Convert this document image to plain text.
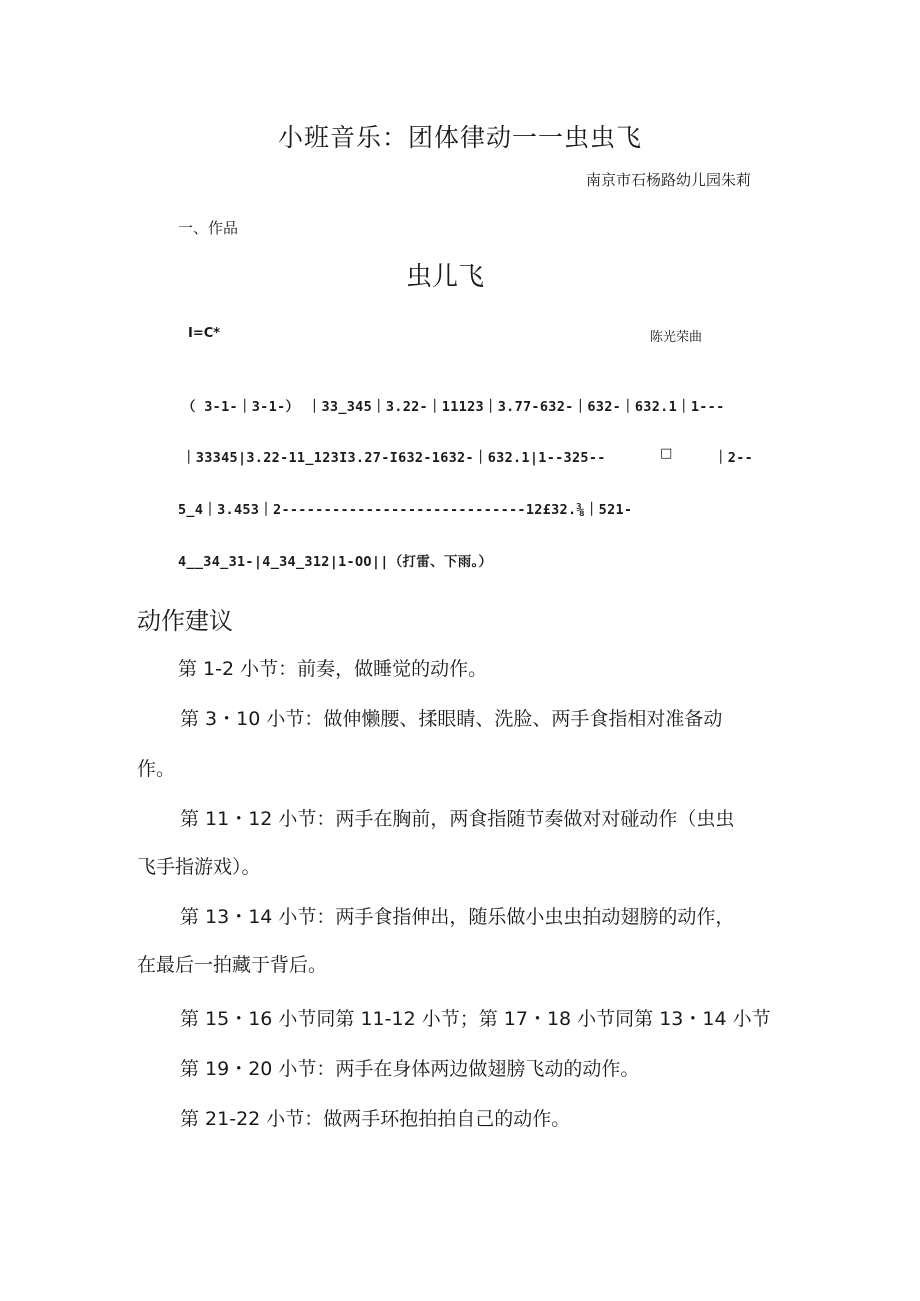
小班音乐：团体律动一一虫虫飞
南京市石杨路幼儿园朱莉
一、作品
虫儿飞
I=C*	陈光荣曲
（ 3-1-｜3-1-） ｜33_345｜3.22-｜11123｜3.77-632-｜632-｜632.1｜1---
｜33345|3.22-11_123I3.27-I632-1632-｜632.1|1--325--	□	｜2--
5_4｜3.453｜2-----------------------------12£32.⅜｜521-
4__34_31-|4_34_312|1-OO||（打雷、下雨。）
动作建议
第 1-2 小节：前奏，做睡觉的动作。
第 3・10 小节：做伸懒腰、揉眼睛、洗脸、两手食指相对准备动
作。
第 11・12 小节：两手在胸前，两食指随节奏做对对碰动作（虫虫
飞手指游戏）。
第 13・14 小节：两手食指伸出，随乐做小虫虫拍动翅膀的动作，
在最后一拍藏于背后。
第 15・16 小节同第 11-12 小节；第 17・18 小节同第 13・14 小节
第 19・20 小节：两手在身体两边做翅膀飞动的动作。
第 21-22 小节：做两手环抱拍拍自己的动作。
